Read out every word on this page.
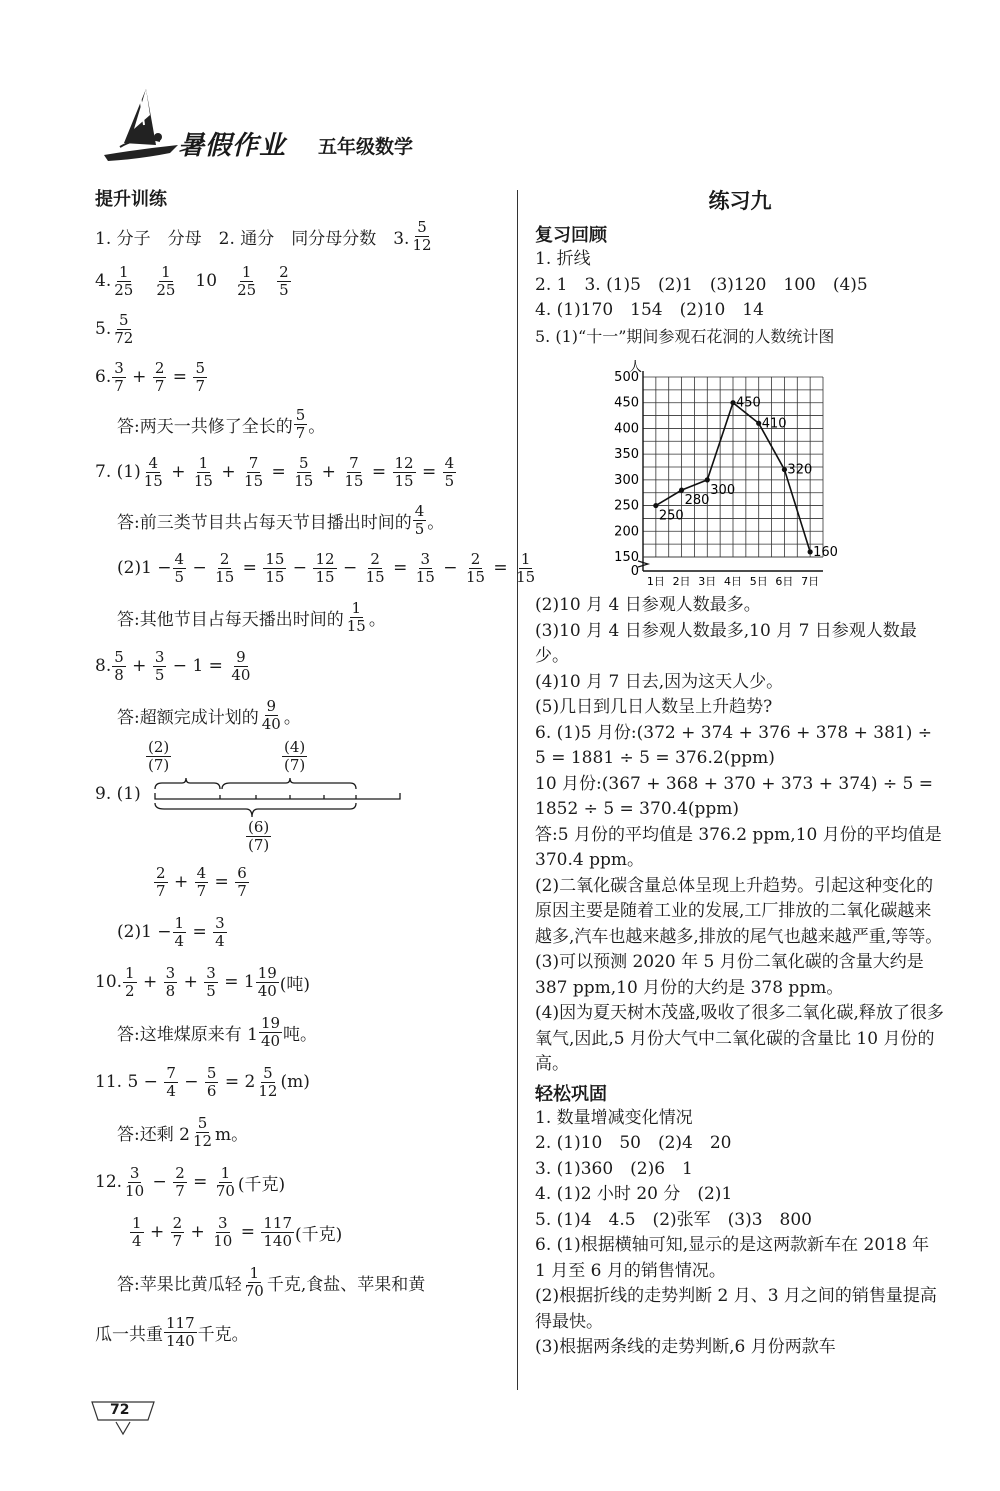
暑假作业 五年级数学
提升训练
1. 分子　分母　2. 通分　同分母分数　3. $\frac{5}{12}$
4. $\frac{1}{25}$
　 $\frac{1}{25}$
　 10
　 $\frac{1}{25}$
　 $\frac{2}{5}$
5. $\frac{5}{72}$
6. $\frac{3}{7} + \frac{2}{7} = \frac{5}{7}$
答:两天一共修了全长的 $\frac{5}{7}$ 。
7. $(1) \frac{4}{15} + \frac{1}{15} + \frac{7}{15} = \frac{5}{15} + \frac{7}{15} = \frac{12}{15} = \frac{4}{5}$
答:前三类节目共占每天节目播出时间的 $\frac{4}{5}$ 。
$(2)1 - \frac{4}{5} - \frac{2}{15} = \frac{15}{15} - \frac{12}{15} - \frac{2}{15} = \frac{3}{15} - \frac{2}{15} = \frac{1}{15}$
答:其他节目占每天播出时间的 $\frac{1}{15}$ 。
8. $\frac{5}{8} + \frac{3}{5}$
− 1 =
$\frac{9}{40}$
答:超额完成计划的 $\frac{9}{40}$ 。
$\frac{(2)}{(7)}$	$\frac{(4)}{(7)}$
9. (1)
$\frac{(6)}{(7)}$
$\frac{2}{7} + \frac{4}{7} = \frac{6}{7}$
$(2)1 - \frac{1}{4} = \frac{3}{4}$
10. $\frac{1}{2} + \frac{3}{8} + \frac{3}{5}$
= $1 \frac{19}{40}$ (吨)
答:这堆煤原来有 $1 \frac{19}{40}$ 吨。
11. 5 −
$\frac{7}{4} - \frac{5}{6}$
= $2 \frac{5}{12} (m)$
答:还剩 $2 \frac{5}{12}$ m。
12. $\frac{3}{10} - \frac{2}{7} = \frac{1}{70}$ (千克)
$\frac{1}{4} + \frac{2}{7} + \frac{3}{10} = \frac{117}{140}$ (千克)
答:苹果比黄瓜轻 $\frac{1}{70}$ 千克,食盐、苹果和黄
瓜一共重 $\frac{117}{140}$ 千克。
练习九
复习回顾
1. 折线
2. 1　3. (1)5　(2)1　(3)120　100　(4)5
4. (1)170　154　(2)10　14
5. (1)“十一”期间参观石花洞的人数统计图
人
0
150
200
250
300
350
400
450
500
1日 2日 3日 4日 5日 6日 7日
250
280
300
450
410
320
160
(2)10 月 4 日参观人数最多。
(3)10 月 4 日参观人数最多,10 月 7 日参观人数最少。
(4)10 月 7 日去,因为这天人少。
(5)几日到几日人数呈上升趋势?
6. (1)5 月份:(372 + 374 + 376 + 378 + 381) ÷ 5 = 1881 ÷ 5 = 376.2(ppm)
10 月份:(367 + 368 + 370 + 373 + 374) ÷ 5 = 1852 ÷ 5 = 370.4(ppm)
答:5 月份的平均值是 376.2 ppm,10 月份的平均值是 370.4 ppm。
(2)二氧化碳含量总体呈现上升趋势。引起这种变化的原因主要是随着工业的发展,工厂排放的二氧化碳越来越多,汽车也越来越多,排放的尾气也越来越严重,等等。
(3)可以预测 2020 年 5 月份二氧化碳的含量大约是 387 ppm,10 月份的大约是 378 ppm。
(4)因为夏天树木茂盛,吸收了很多二氧化碳,释放了很多氧气,因此,5 月份大气中二氧化碳的含量比 10 月份的高。
轻松巩固
1. 数量增减变化情况
2. (1)10　50　(2)4　20
3. (1)360　(2)6　1
4. (1)2 小时 20 分　(2)1
5. (1)4　4.5　(2)张军　(3)3　800
6. (1)根据横轴可知,显示的是这两款新车在 2018 年 1 月至 6 月的销售情况。
(2)根据折线的走势判断 2 月、3 月之间的销售量提高得最快。
(3)根据两条线的走势判断,6 月份两款车
72
